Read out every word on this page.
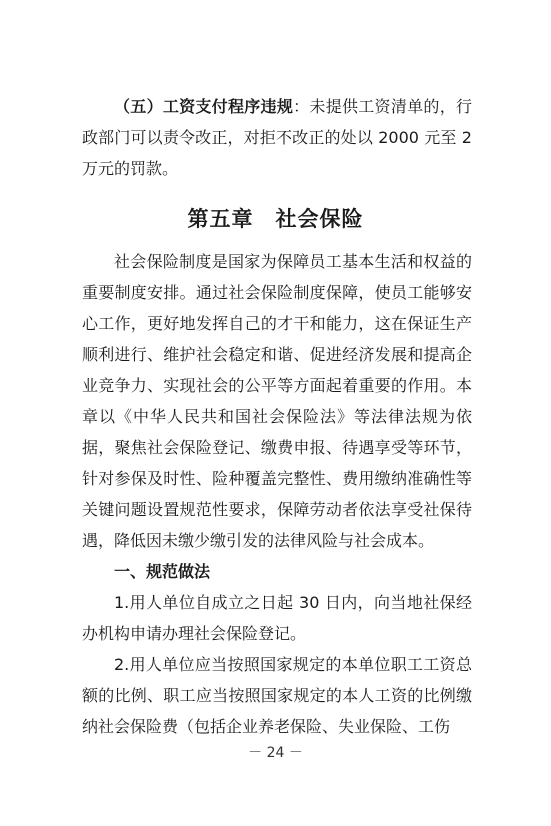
（五）工资支付程序违规：未提供工资清单的，行政部门可以责令改正，对拒不改正的处以 2000 元至 2 万元的罚款。

第五章 社会保险

社会保险制度是国家为保障员工基本生活和权益的重要制度安排。通过社会保险制度保障，使员工能够安心工作，更好地发挥自己的才干和能力，这在保证生产顺利进行、维护社会稳定和谐、促进经济发展和提高企业竞争力、实现社会的公平等方面起着重要的作用。本章以《中华人民共和国社会保险法》等法律法规为依据，聚焦社会保险登记、缴费申报、待遇享受等环节，针对参保及时性、险种覆盖完整性、费用缴纳准确性等关键问题设置规范性要求，保障劳动者依法享受社保待遇，降低因未缴少缴引发的法律风险与社会成本。

一、规范做法

1.用人单位自成立之日起 30 日内，向当地社保经办机构申请办理社会保险登记。

2.用人单位应当按照国家规定的本单位职工工资总额的比例、职工应当按照国家规定的本人工资的比例缴纳社会保险费（包括企业养老保险、失业保险、工伤

－ 24 －
